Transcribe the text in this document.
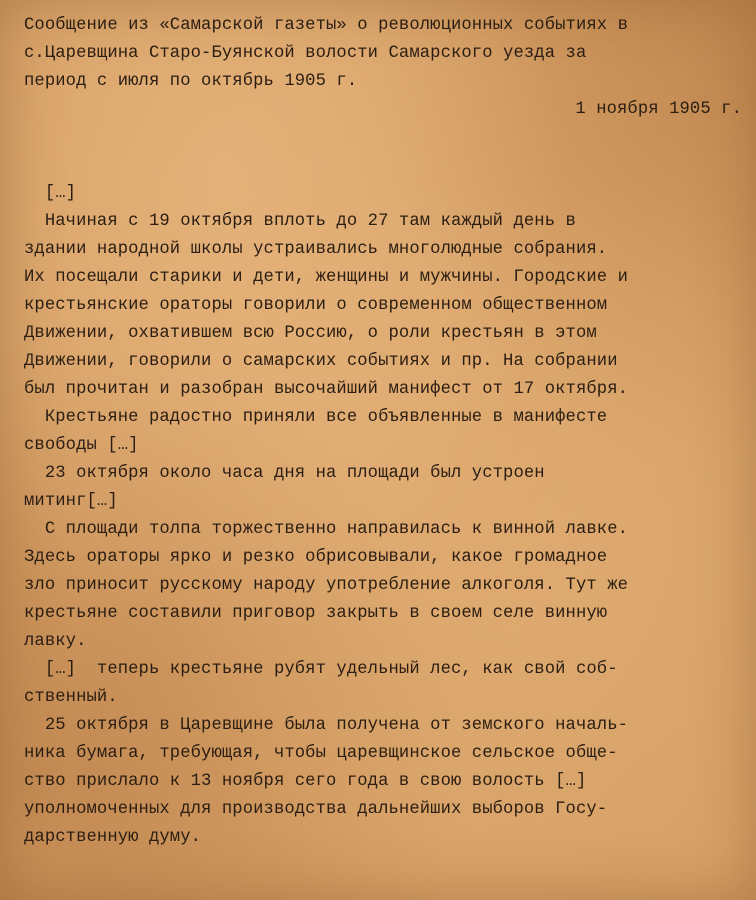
Сообщение из «Самарской газеты» о революционных событиях в
с.Царевщина Старо-Буянской волости Самарского уезда за
период с июля по октябрь 1905 г.
1 ноября 1905 г.
[…]
Начиная с 19 октября вплоть до 27 там каждый день в
здании народной школы устраивались многолюдные собрания.
Их посещали старики и дети, женщины и мужчины. Городские и
крестьянские ораторы говорили о современном общественном
Движении, охватившем всю Россию, о роли крестьян в этом
Движении, говорили о самарских событиях и пр. На собрании
был прочитан и разобран высочайший манифест от 17 октября.
Крестьяне радостно приняли все объявленные в манифесте
свободы […]
23 октября около часа дня на площади был устроен
митинг[…]
С площади толпа торжественно направилась к винной лавке.
Здесь ораторы ярко и резко обрисовывали, какое громадное
зло приносит русскому народу употребление алкоголя. Тут же
крестьяне составили приговор закрыть в своем селе винную
лавку.
[…]  теперь крестьяне рубят удельный лес, как свой соб-
ственный.
25 октября в Царевщине была получена от земского началь-
ника бумага, требующая, чтобы царевщинское сельское обще-
ство прислало к 13 ноября сего года в свою волость […]
уполномоченных для производства дальнейших выборов Госу-
дарственную думу.
